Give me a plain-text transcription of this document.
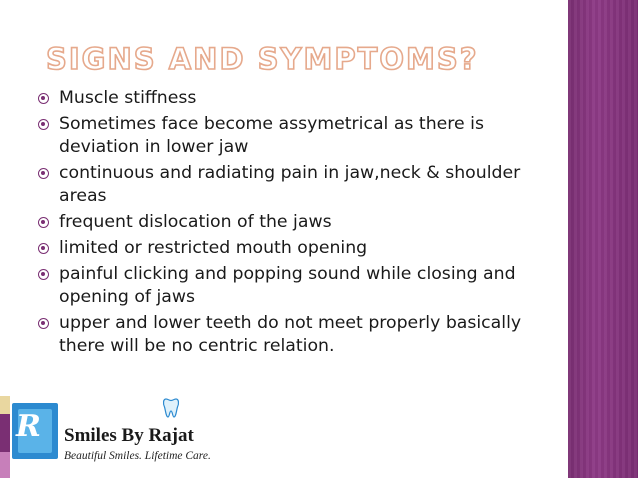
SIGNS AND SYMPTOMS?
Muscle stiffness
Sometimes face become assymetrical as there is deviation in lower jaw
continuous and radiating pain in jaw,neck & shoulder areas
frequent dislocation of the jaws
limited or restricted mouth opening
painful clicking and popping sound while closing and opening of jaws
upper and lower teeth do not meet properly basically there will be no centric relation.
R Smiles By Rajat
Beautiful Smiles. Lifetime Care.
